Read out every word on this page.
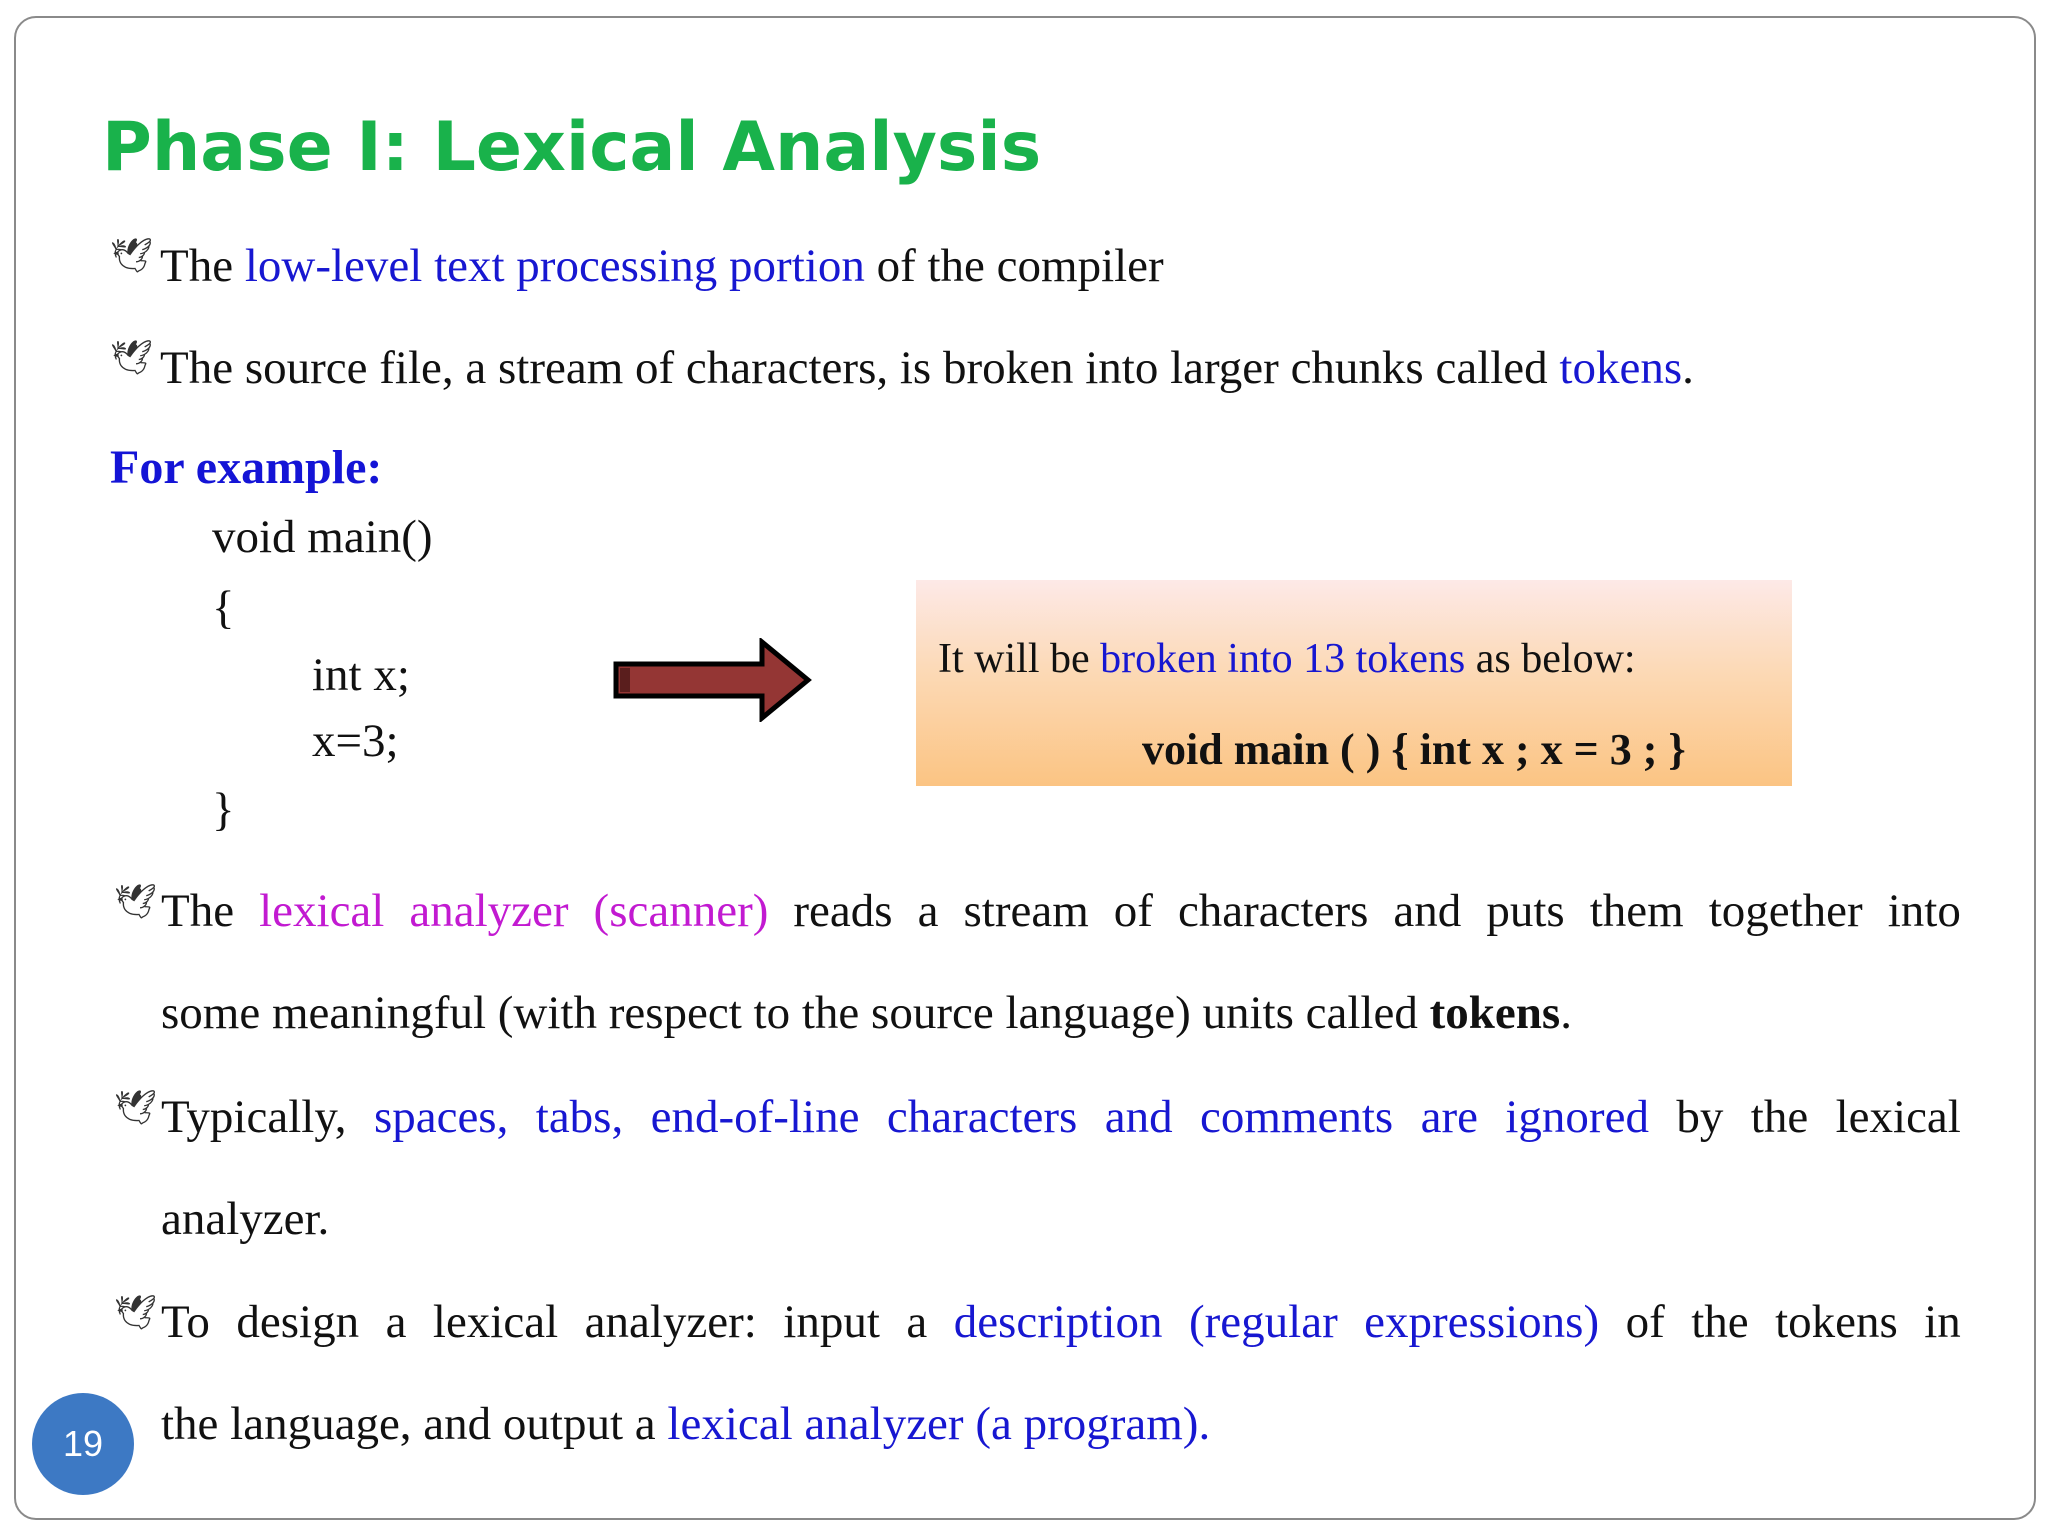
Phase I: Lexical Analysis
🕊 The low-level text processing portion of the compiler
🕊 The source file, a stream of characters, is broken into larger chunks called tokens.
For example:
void main()
{
int x;
x=3;
}
It will be broken into 13 tokens as below:
void main ( ) { int x ; x = 3 ; }
🕊 The lexical analyzer (scanner) reads a stream of characters and puts them together into
some meaningful (with respect to the source language) units called tokens.
🕊 Typically, spaces, tabs, end-of-line characters and comments are ignored by the lexical
analyzer.
🕊 To design a lexical analyzer: input a description (regular expressions) of the tokens in
the language, and output a lexical analyzer (a program).
19
